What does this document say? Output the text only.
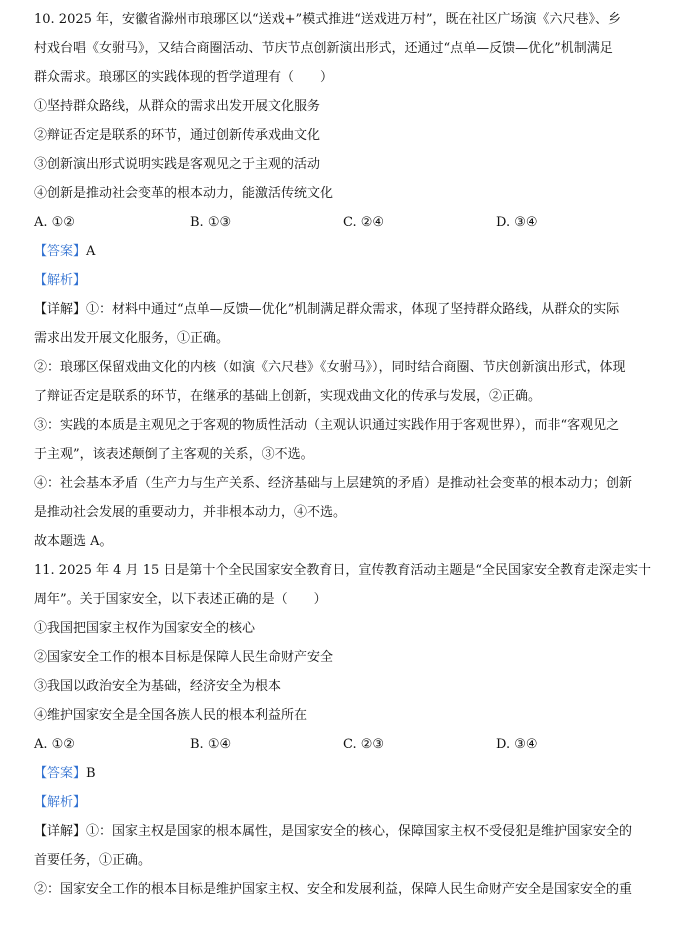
10. 2025 年，安徽省滁州市琅琊区以“送戏+”模式推进“送戏进万村”，既在社区广场演《六尺巷》、乡
村戏台唱《女驸马》，又结合商圈活动、节庆节点创新演出形式，还通过“点单—反馈—优化”机制满足
群众需求。琅琊区的实践体现的哲学道理有（　　）
①坚持群众路线，从群众的需求出发开展文化服务
②辩证否定是联系的环节，通过创新传承戏曲文化
③创新演出形式说明实践是客观见之于主观的活动
④创新是推动社会变革的根本动力，能激活传统文化
A. ①②	B. ①③	C. ②④	D. ③④
【答案】A
【解析】
【详解】①：材料中通过“点单—反馈—优化”机制满足群众需求，体现了坚持群众路线，从群众的实际
需求出发开展文化服务，①正确。
②：琅琊区保留戏曲文化的内核（如演《六尺巷》《女驸马》），同时结合商圈、节庆创新演出形式，体现
了辩证否定是联系的环节，在继承的基础上创新，实现戏曲文化的传承与发展，②正确。
③：实践的本质是主观见之于客观的物质性活动（主观认识通过实践作用于客观世界），而非“客观见之
于主观”，该表述颠倒了主客观的关系，③不选。
④：社会基本矛盾（生产力与生产关系、经济基础与上层建筑的矛盾）是推动社会变革的根本动力；创新
是推动社会发展的重要动力，并非根本动力，④不选。
故本题选 A。
11. 2025 年 4 月 15 日是第十个全民国家安全教育日，宣传教育活动主题是“全民国家安全教育走深走实十
周年”。关于国家安全，以下表述正确的是（　　）
①我国把国家主权作为国家安全的核心
②国家安全工作的根本目标是保障人民生命财产安全
③我国以政治安全为基础，经济安全为根本
④维护国家安全是全国各族人民的根本利益所在
A. ①②	B. ①④	C. ②③	D. ③④
【答案】B
【解析】
【详解】①：国家主权是国家的根本属性，是国家安全的核心，保障国家主权不受侵犯是维护国家安全的
首要任务，①正确。
②：国家安全工作的根本目标是维护国家主权、安全和发展利益，保障人民生命财产安全是国家安全的重
